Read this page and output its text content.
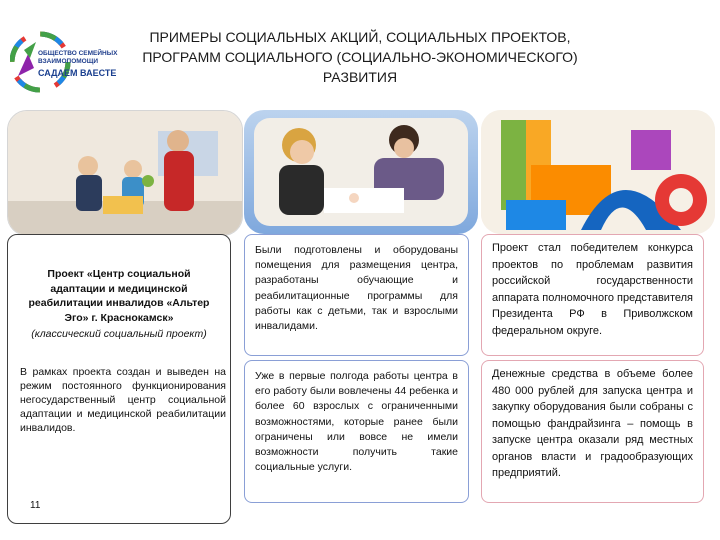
ОБЩЕСТВО СЕМЕЙНЫХ
ВЗАИМОПОМОЩИ
САДАЕМ ВАЕСТЕ
ПРИМЕРЫ СОЦИАЛЬНЫХ АКЦИЙ, СОЦИАЛЬНЫХ ПРОЕКТОВ,
ПРОГРАММ СОЦИАЛЬНОГО (СОЦИАЛЬНО-ЭКОНОМИЧЕСКОГО)
РАЗВИТИЯ
Проект «Центр социальной адаптации и медицинской реабилитации инвалидов «Альтер Эго» г. Краснокамск»
(классический социальный проект)
В рамках проекта создан и выведен на режим постоянного функционирования негосударственный центр социальной адаптации и медицинской реабилитации инвалидов.
11
Были подготовлены и оборудованы помещения для размещения центра, разработаны обучающие и реабилитационные программы для работы как с детьми, так и взрослыми инвалидами.
Уже в первые полгода работы центра в его работу были вовлечены 44 ребенка и более 60 взрослых с ограниченными возможностями, которые ранее были ограничены или вовсе не имели возможности получить такие социальные услуги.
Проект стал победителем конкурса проектов по проблемам развития российской государственности аппарата полномочного представителя Президента РФ в Приволжском федеральном округе.
Денежные средства в объеме более 480 000 рублей для запуска центра и закупку оборудования были собраны с помощью фандрайзинга – помощь в запуске центра оказали ряд местных органов власти и градообразующих предприятий.
